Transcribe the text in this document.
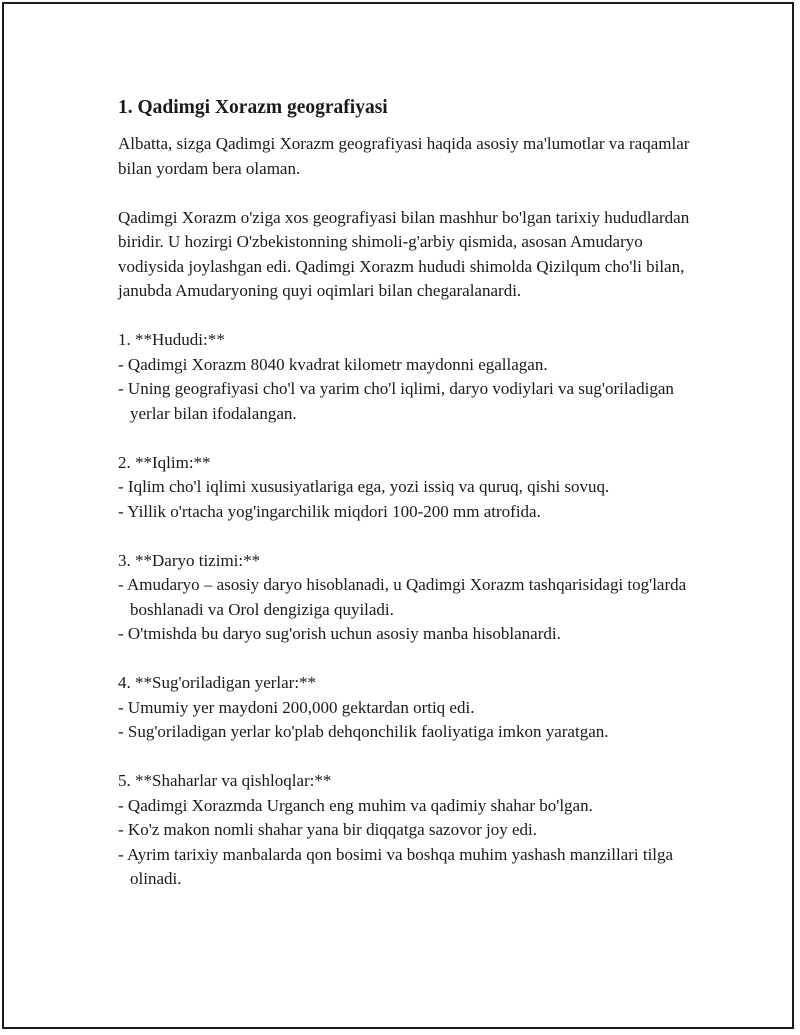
1. Qadimgi Xorazm geografiyasi

Albatta, sizga Qadimgi Xorazm geografiyasi haqida asosiy ma'lumotlar va raqamlar bilan yordam bera olaman.

Qadimgi Xorazm o'ziga xos geografiyasi bilan mashhur bo'lgan tarixiy hududlardan biridir. U hozirgi O'zbekistonning shimoli-g'arbiy qismida, asosan Amudaryo vodiysida joylashgan edi. Qadimgi Xorazm hududi shimolda Qizilqum cho'li bilan, janubda Amudaryoning quyi oqimlari bilan chegaralanardi.

1. **Hududi:**
- Qadimgi Xorazm 8040 kvadrat kilometr maydonni egallagan.
- Uning geografiyasi cho'l va yarim cho'l iqlimi, daryo vodiylari va sug'oriladigan yerlar bilan ifodalangan.
2. **Iqlim:**
- Iqlim cho'l iqlimi xususiyatlariga ega, yozi issiq va quruq, qishi sovuq.
- Yillik o'rtacha yog'ingarchilik miqdori 100-200 mm atrofida.
3. **Daryo tizimi:**
- Amudaryo – asosiy daryo hisoblanadi, u Qadimgi Xorazm tashqarisidagi tog'larda boshlanadi va Orol dengiziga quyiladi.
- O'tmishda bu daryo sug'orish uchun asosiy manba hisoblanardi.
4. **Sug'oriladigan yerlar:**
- Umumiy yer maydoni 200,000 gektardan ortiq edi.
- Sug'oriladigan yerlar ko'plab dehqonchilik faoliyatiga imkon yaratgan.
5. **Shaharlar va qishloqlar:**
- Qadimgi Xorazmda Urganch eng muhim va qadimiy shahar bo'lgan.
- Ko'z makon nomli shahar yana bir diqqatga sazovor joy edi.
- Ayrim tarixiy manbalarda qon bosimi va boshqa muhim yashash manzillari tilga olinadi.
